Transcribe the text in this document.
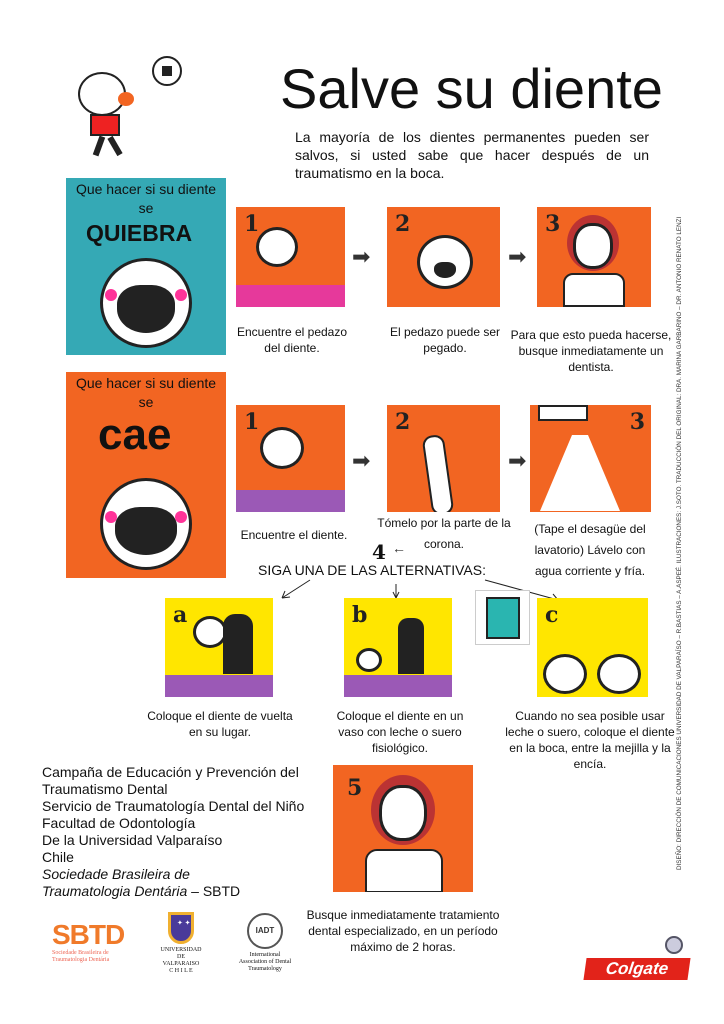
Salve su diente

La mayoría de los dientes permanentes pueden ser salvos, si usted sabe que hacer después de un traumatismo en la boca.

Que hacer si su diente se
QUIEBRA	1
➡
2
➡
3
Encuentre el pedazo del diente.
El pedazo puede ser pegado.
Para que esto pueda hacerse, busque inmediatamente un dentista.
Que hacer si su diente se
cae	1
➡
2
➡
3
Encuentre el diente.
Tómelo por la parte de la corona.
(Tape el desagüe del lavatorio) Lávelo con agua corriente y fría.
4 ←
SIGA UNA DE LAS ALTERNATIVAS:
a	b	c
Coloque el diente de vuelta en su lugar.
Coloque el diente en un vaso con leche o suero fisiológico.
Cuando no sea posible usar leche o suero, coloque el diente en la boca, entre la mejilla y la encía.
Campaña de Educación y Prevención del
Traumatismo Dental
Servicio de Traumatología Dental del Niño
Facultad de Odontología
De la Universidad Valparaíso
Chile
Sociedade Brasileira de
Traumatologia Dentária – SBTD
5
Busque inmediatamente tratamiento dental especializado, en un período máximo de 2 horas.
SBTD
Sociedade Brasileira de Traumatologia Dentária
✦ ✦
UNIVERSIDAD
DE
VALPARAISO
C H I L E
IADT
International Association of Dental Traumatology	Colgate
DISEÑO: DIRECCIÓN DE COMUNICACIONES UNIVERSIDAD DE VALPARAÍSO – R.BASTIAS – A.ASPEÉ. ILUSTRACIONES: J.SOTO. TRADUCCIÓN DEL ORIGINAL: DRA. MARINA GARBARINO – DR. ANTONIO RENATO LENZI
